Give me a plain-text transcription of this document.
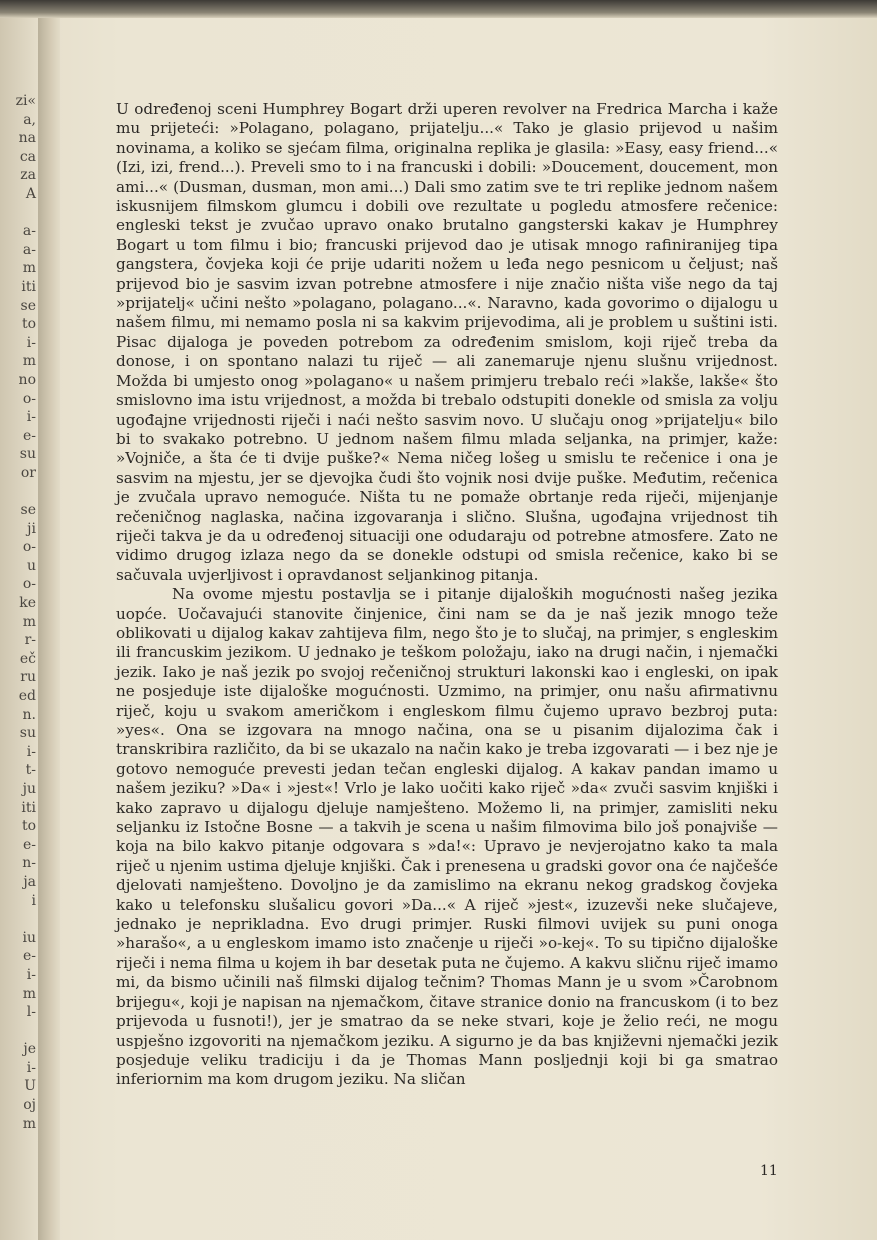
zi«
a,
na
ca
za
A

a-
a-
m
iti
se
to
i-
m
no
o-
i-
e-
su
or

se
ji
o-
u
o-
ke
m
r-
eč
ru
ed
n.
su
i-
t-
ju
iti
to
e-
n-
ja
i

iu
e-
i-
m
l-

je
i-
U
oj
m

U određenoj sceni Humphrey Bogart drži uperen revolver na Fredrica Marcha i kaže mu prijeteći: »Polagano, polagano, prijatelju...« Tako je glasio prijevod u našim novinama, a koliko se sjećam filma, originalna replika je glasila: »Easy, easy friend...« (Izi, izi, frend...). Preveli smo to i na francuski i dobili: »Doucement, doucement, mon ami...« (Dusman, dusman, mon ami...) Dali smo zatim sve te tri replike jednom našem iskusnijem filmskom glumcu i dobili ove rezultate u pogledu atmosfere rečenice: engleski tekst je zvučao upravo onako brutalno gangsterski kakav je Humphrey Bogart u tom filmu i bio; francuski prijevod dao je utisak mnogo rafiniranijeg tipa gangstera, čovjeka koji će prije udariti nožem u leđa nego pesnicom u čeljust; naš prijevod bio je sasvim izvan potrebne atmosfere i nije značio ništa više nego da taj »prijatelj« učini nešto »polagano, polagano...«. Naravno, kada govorimo o dijalogu u našem filmu, mi nemamo posla ni sa kakvim prijevodima, ali je problem u suštini isti. Pisac dijaloga je poveden potrebom za određenim smislom, koji riječ treba da donose, i on spontano nalazi tu riječ — ali zanemaruje njenu slušnu vrijednost. Možda bi umjesto onog »polagano« u našem primjeru trebalo reći »lakše, lakše« što smislovno ima istu vrijednost, a možda bi trebalo odstupiti donekle od smisla za volju ugođajne vrijednosti riječi i naći nešto sasvim novo. U slučaju onog »prijatelju« bilo bi to svakako potrebno. U jednom našem filmu mlada seljanka, na primjer, kaže: »Vojniče, a šta će ti dvije puške?« Nema ničeg lošeg u smislu te rečenice i ona je sasvim na mjestu, jer se djevojka čudi što vojnik nosi dvije puške. Međutim, rečenica je zvučala upravo nemoguće. Ništa tu ne pomaže obrtanje reda riječi, mijenjanje rečeničnog naglaska, načina izgovaranja i slično. Slušna, ugođajna vrijednost tih riječi takva je da u određenoj situaciji one odudaraju od potrebne atmosfere. Zato ne vidimo drugog izlaza nego da se donekle odstupi od smisla rečenice, kako bi se sačuvala uvjerljivost i opravdanost seljankinog pitanja.

Na ovome mjestu postavlja se i pitanje dijaloških mogućnosti našeg jezika uopće. Uočavajući stanovite činjenice, čini nam se da je naš jezik mnogo teže oblikovati u dijalog kakav zahtijeva film, nego što je to slučaj, na primjer, s engleskim ili francuskim jezikom. U jednako je teškom položaju, iako na drugi način, i njemački jezik. Iako je naš jezik po svojoj rečeničnoj strukturi lakonski kao i engleski, on ipak ne posjeduje iste dijaloške mogućnosti. Uzmimo, na primjer, onu našu afirmativnu riječ, koju u svakom američkom i engleskom filmu čujemo upravo bezbroj puta: »yes«. Ona se izgovara na mnogo načina, ona se u pisanim dijalozima čak i transkribira različito, da bi se ukazalo na način kako je treba izgovarati — i bez nje je gotovo nemoguće prevesti jedan tečan engleski dijalog. A kakav pandan imamo u našem jeziku? »Da« i »jest«! Vrlo je lako uočiti kako riječ »da« zvuči sasvim knjiški i kako zapravo u dijalogu djeluje namješteno. Možemo li, na primjer, zamisliti neku seljanku iz Istočne Bosne — a takvih je scena u našim filmovima bilo još ponajviše — koja na bilo kakvo pitanje odgovara s »da!«: Upravo je nevjerojatno kako ta mala riječ u njenim ustima djeluje knjiški. Čak i prenesena u gradski govor ona će najčešće djelovati namješteno. Dovoljno je da zamislimo na ekranu nekog gradskog čovjeka kako u telefonsku slušalicu govori »Da...« A riječ »jest«, izuzevši neke slučajeve, jednako je neprikladna. Evo drugi primjer. Ruski filmovi uvijek su puni onoga »harašo«, a u engleskom imamo isto značenje u riječi »o-kej«. To su tipično dijaloške riječi i nema filma u kojem ih bar desetak puta ne čujemo. A kakvu sličnu riječ imamo mi, da bismo učinili naš filmski dijalog tečnim? Thomas Mann je u svom »Čarobnom brijegu«, koji je napisan na njemačkom, čitave stranice donio na francuskom (i to bez prijevoda u fusnoti!), jer je smatrao da se neke stvari, koje je želio reći, ne mogu uspješno izgovoriti na njemačkom jeziku. A sigurno je da bas književni njemački jezik posjeduje veliku tradiciju i da je Thomas Mann posljednji koji bi ga smatrao inferiornim ma kom drugom jeziku. Na sličan

11
